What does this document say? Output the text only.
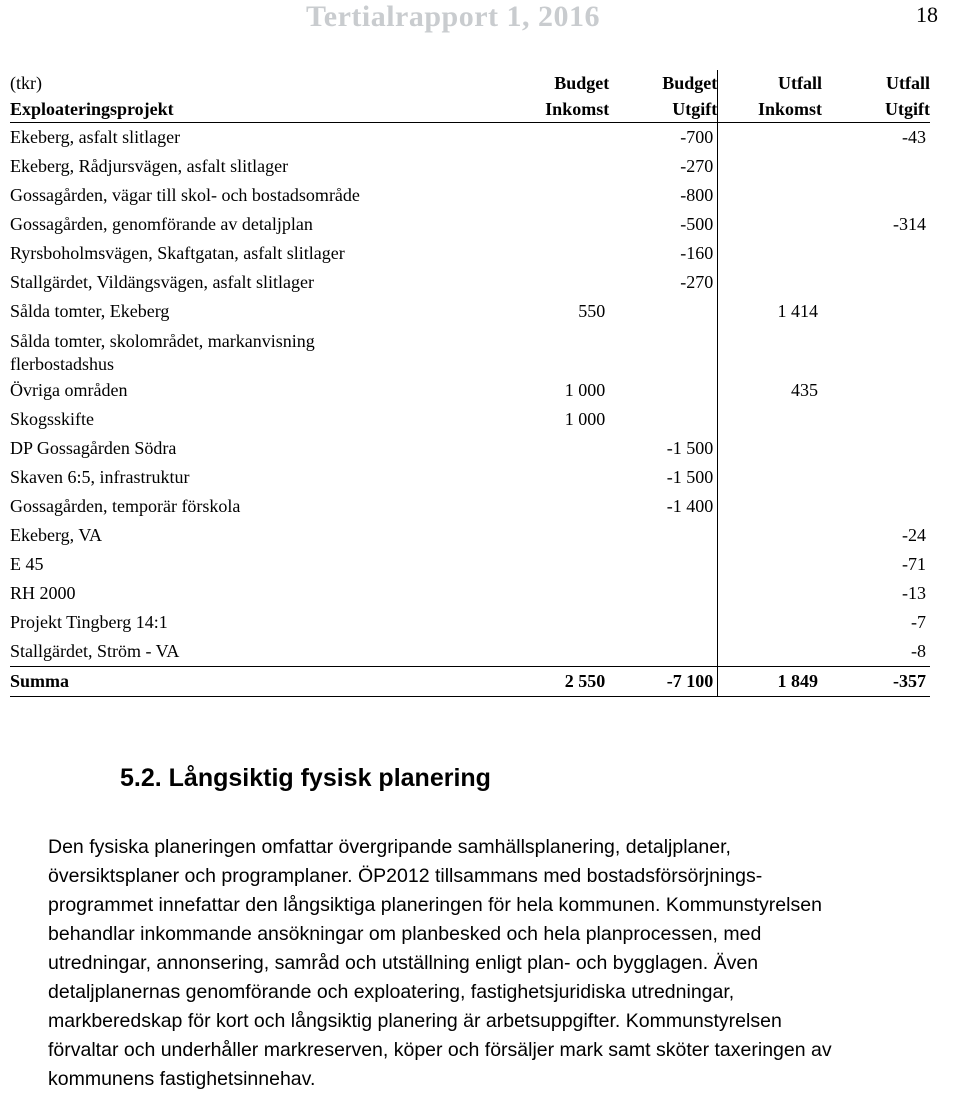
Tertialrapport 1, 2016	18
(tkr)	Budget	Budget	Utfall	Utfall
Exploateringsprojekt	Inkomst	Utgift	Inkomst	Utgift
Ekeberg, asfalt slitlager		-700		-43
Ekeberg, Rådjursvägen, asfalt slitlager		-270		
Gossagården, vägar till skol- och bostadsområde		-800		
Gossagården, genomförande av detaljplan		-500		-314
Ryrsboholmsvägen, Skaftgatan, asfalt slitlager		-160		
Stallgärdet, Vildängsvägen, asfalt slitlager		-270		
Sålda tomter, Ekeberg	550		1 414	
Sålda tomter, skolområdet, markanvisning
flerbostadshus				
Övriga områden	1 000		435	
Skogsskifte	1 000			
DP Gossagården Södra		-1 500		
Skaven 6:5, infrastruktur		-1 500		
Gossagården, temporär förskola		-1 400		
Ekeberg, VA				-24
E 45				-71
RH 2000				-13
Projekt Tingberg 14:1				-7
Stallgärdet, Ström - VA				-8
Summa	2 550	-7 100	1 849	-357
5.2. Långsiktig fysisk planering

Den fysiska planeringen omfattar övergripande samhällsplanering, detaljplaner,

översiktsplaner och programplaner. ÖP2012 tillsammans med bostadsförsörjnings-

programmet innefattar den långsiktiga planeringen för hela kommunen. Kommunstyrelsen

behandlar inkommande ansökningar om planbesked och hela planprocessen, med

utredningar, annonsering, samråd och utställning enligt plan- och bygglagen. Även

detaljplanernas genomförande och exploatering, fastighetsjuridiska utredningar,

markberedskap för kort och långsiktig planering är arbetsuppgifter. Kommunstyrelsen

förvaltar och underhåller markreserven, köper och försäljer mark samt sköter taxeringen av

kommunens fastighetsinnehav.
